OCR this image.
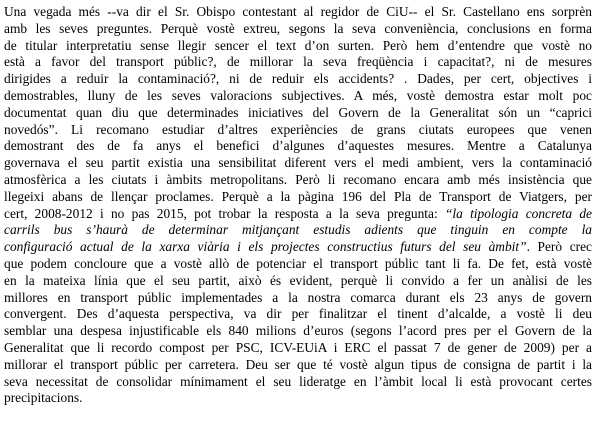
Una vegada més --va dir el Sr. Obispo contestant al regidor de CiU-- el Sr. Castellano ens sorprèn
amb les seves preguntes. Perquè vostè extreu, segons la seva conveniència, conclusions en forma
de titular interpretatiu sense llegir sencer el text d’on surten. Però hem d’entendre que vostè no
està a favor del transport públic?, de millorar la seva freqüència i capacitat?, ni de mesures
dirigides a reduir la contaminació?, ni de reduir els accidents? . Dades, per cert, objectives i
demostrables, lluny de les seves valoracions subjectives. A més, vostè demostra estar molt poc
documentat quan diu que determinades iniciatives del Govern de la Generalitat són un “caprici
novedós”. Li recomano estudiar d’altres experiències de grans ciutats europees que venen
demostrant des de fa anys el benefici d’algunes d’aquestes mesures. Mentre a Catalunya
governava el seu partit existia una sensibilitat diferent vers el medi ambient, vers la contaminació
atmosfèrica a les ciutats i àmbits metropolitans. Però li recomano encara amb més insistència que
llegeixi abans de llençar proclames. Perquè a la pàgina 196 del Pla de Transport de Viatgers, per
cert, 2008-2012 i no pas 2015, pot trobar la resposta a la seva pregunta: “la tipologia concreta de
carrils bus s’haurà de determinar mitjançant estudis adients que tinguin en compte la
configuració actual de la xarxa viària i els projectes constructius futurs del seu àmbit”. Però crec
que podem concloure que a vostè allò de potenciar el transport públic tant li fa. De fet, està vostè
en la mateixa línia que el seu partit, això és evident, perquè li convido a fer un anàlisi de les
millores en transport públic implementades a la nostra comarca durant els 23 anys de govern
convergent. Des d’aquesta perspectiva, va dir per finalitzar el tinent d’alcalde, a vostè li deu
semblar una despesa injustificable els 840 milions d’euros (segons l’acord pres per el Govern de la
Generalitat que li recordo compost per PSC, ICV-EUiA i ERC el passat 7 de gener de 2009) per a
millorar el transport públic per carretera. Deu ser que té vostè algun tipus de consigna de partit i la
seva necessitat de consolidar mínimament el seu lideratge en l’àmbit local li està provocant certes
precipitacions.
